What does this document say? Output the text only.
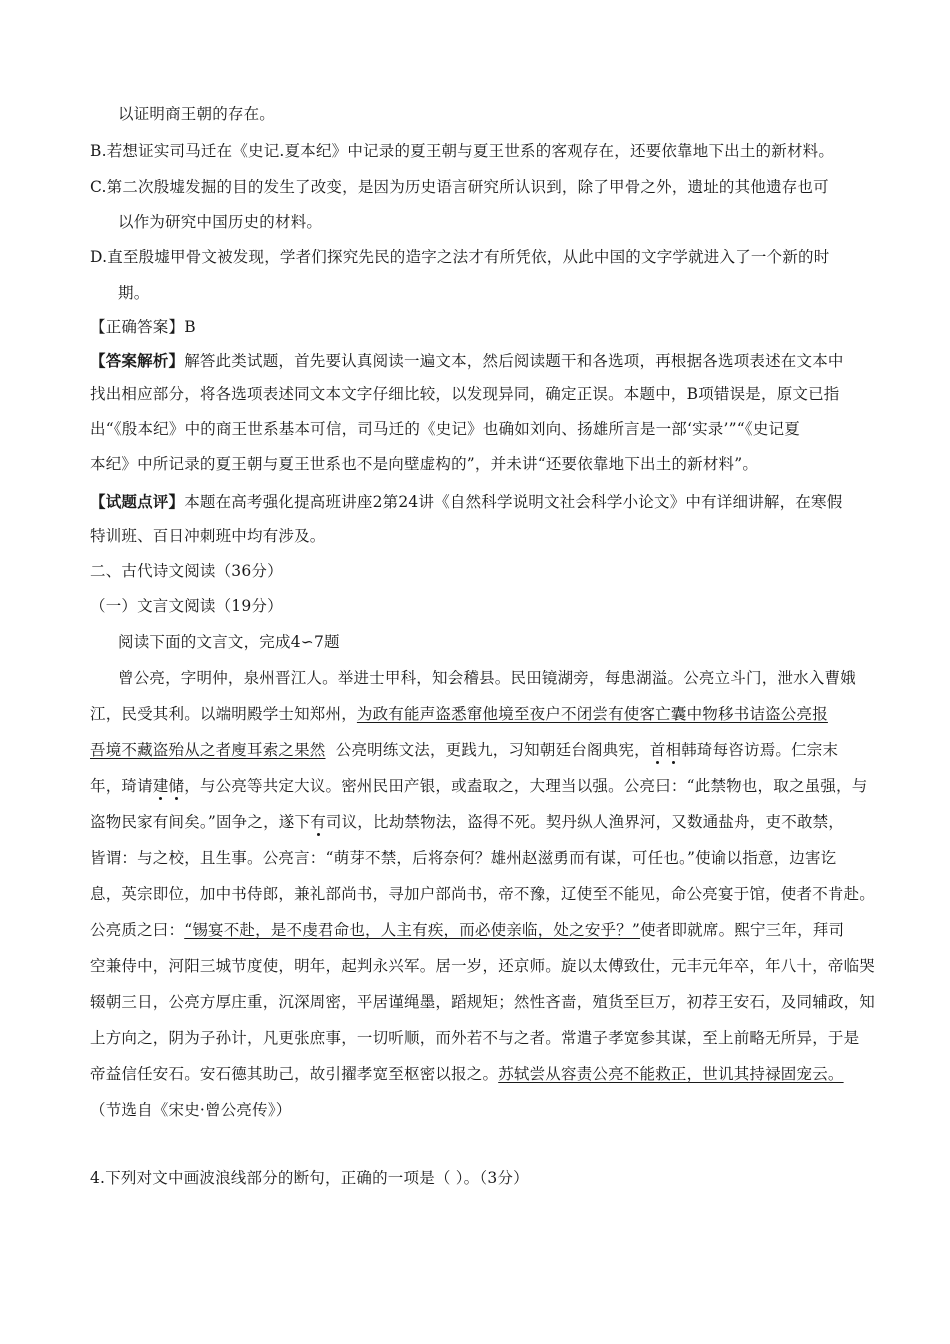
以证明商王朝的存在。
B.若想证实司马迁在《史记.夏本纪》中记录的夏王朝与夏王世系的客观存在，还要依靠地下出土的新材料。
C.第二次殷墟发掘的目的发生了改变，是因为历史语言研究所认识到，除了甲骨之外，遗址的其他遗存也可
以作为研究中国历史的材料。
D.直至殷墟甲骨文被发现，学者们探究先民的造字之法才有所凭依，从此中国的文字学就进入了一个新的时
期。
【正确答案】B
【答案解析】解答此类试题，首先要认真阅读一遍文本，然后阅读题干和各选项，再根据各选项表述在文本中
找出相应部分，将各选项表述同文本文字仔细比较，以发现异同，确定正误。本题中，B项错误是，原文已指
出“《殷本纪》中的商王世系基本可信，司马迁的《史记》也确如刘向、扬雄所言是一部‘实录’”“《史记夏
本纪》中所记录的夏王朝与夏王世系也不是向壁虚构的”，并未讲“还要依靠地下出土的新材料”。
【试题点评】本题在高考强化提高班讲座2第24讲《自然科学说明文社会科学小论文》中有详细讲解，在寒假
特训班、百日冲刺班中均有涉及。
二、古代诗文阅读（36分）
（一）文言文阅读（19分）
阅读下面的文言文，完成4∽7题
曾公亮，字明仲，泉州晋江人。举进士甲科，知会稽县。民田镜湖旁，每患湖溢。公亮立斗门，泄水入曹娥
江，民受其利。以端明殿学士知郑州，为政有能声盗悉窜他境至夜户不闭尝有使客亡囊中物移书诘盗公亮报
吾境不藏盗殆从之者廋耳索之果然 公亮明练文法，更践九，习知朝廷台阁典宪，首相韩琦每咨访焉。仁宗末
年，琦请建储，与公亮等共定大议。密州民田产银，或盍取之，大理当以强。公亮曰：“此禁物也，取之虽强，与
盗物民家有间矣。”固争之，遂下有司议，比劫禁物法，盗得不死。契丹纵人渔界河，又数通盐舟，吏不敢禁，
皆谓：与之校，且生事。公亮言：“萌芽不禁，后将奈何？雄州赵滋勇而有谋，可任也。”使谕以指意，边害讫
息，英宗即位，加中书侍郎，兼礼部尚书，寻加户部尚书，帝不豫，辽使至不能见，命公亮宴于馆，使者不肯赴。
公亮质之曰：“锡宴不赴，是不虔君命也，人主有疾，而必使亲临，处之安乎？”使者即就席。熙宁三年，拜司
空兼侍中，河阳三城节度使，明年，起判永兴军。居一岁，还京师。旋以太傅致仕，元丰元年卒，年八十，帝临哭
辍朝三日，公亮方厚庄重，沉深周密，平居谨绳墨，蹈规矩；然性吝啬，殖货至巨万，初荐王安石，及同辅政，知
上方向之，阴为子孙计，凡更张庶事，一切听顺，而外若不与之者。常遣子孝宽参其谋，至上前略无所异，于是
帝益信任安石。安石德其助己，故引擢孝宽至枢密以报之。苏轼尝从容责公亮不能救正，世讥其持禄固宠云。
（节选自《宋史·曾公亮传》）
4.下列对文中画波浪线部分的断句，正确的一项是（ ）。（3分）
